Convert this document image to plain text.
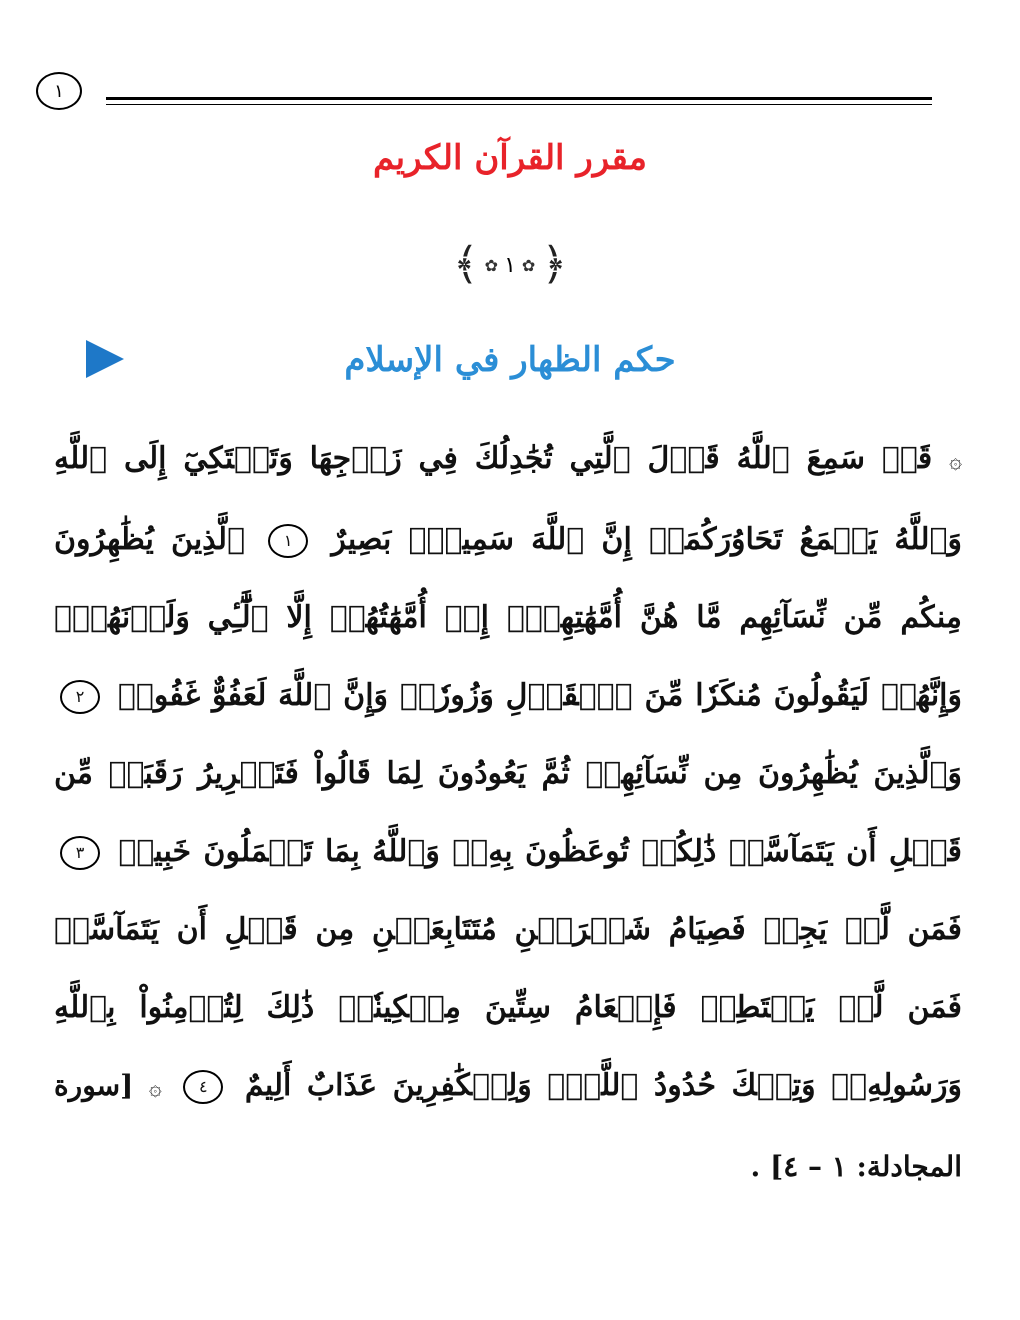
١
مقرر القرآن الكريم
﴿
✿
١
✿
﴾
حكم الظهار في الإسلام
۞ قَدۡ سَمِعَ ٱللَّهُ قَوۡلَ ٱلَّتِي تُجَٰدِلُكَ فِي زَوۡجِهَا وَتَشۡتَكِيٓ إِلَى ٱللَّهِ وَٱللَّهُ يَسۡمَعُ تَحَاوُرَكُمَآۚ إِنَّ ٱللَّهَ سَمِيعُۢ بَصِيرٌ ١ ٱلَّذِينَ يُظَٰهِرُونَ مِنكُم مِّن نِّسَآئِهِم مَّا هُنَّ أُمَّهَٰتِهِمۡۖ إِنۡ أُمَّهَٰتُهُمۡ إِلَّا ٱلَّٰٓـِٔي وَلَدۡنَهُمۡۚ وَإِنَّهُمۡ لَيَقُولُونَ مُنكَرٗا مِّنَ ٱلۡقَوۡلِ وَزُورٗاۚ وَإِنَّ ٱللَّهَ لَعَفُوٌّ غَفُورٞ ٢ وَٱلَّذِينَ يُظَٰهِرُونَ مِن نِّسَآئِهِمۡ ثُمَّ يَعُودُونَ لِمَا قَالُواْ فَتَحۡرِيرُ رَقَبَةٖ مِّن قَبۡلِ أَن يَتَمَآسَّاۚ ذَٰلِكُمۡ تُوعَظُونَ بِهِۦۚ وَٱللَّهُ بِمَا تَعۡمَلُونَ خَبِيرٞ ٣ فَمَن لَّمۡ يَجِدۡ فَصِيَامُ شَهۡرَيۡنِ مُتَتَابِعَيۡنِ مِن قَبۡلِ أَن يَتَمَآسَّاۖ فَمَن لَّمۡ يَسۡتَطِعۡ فَإِطۡعَامُ سِتِّينَ مِسۡكِينٗاۚ ذَٰلِكَ لِتُؤۡمِنُواْ بِٱللَّهِ وَرَسُولِهِۦۚ وَتِلۡكَ حُدُودُ ٱللَّهِۗ وَلِلۡكَٰفِرِينَ عَذَابٌ أَلِيمٌ ٤ ۞ [سورة المجادلة: ١ – ٤] .
